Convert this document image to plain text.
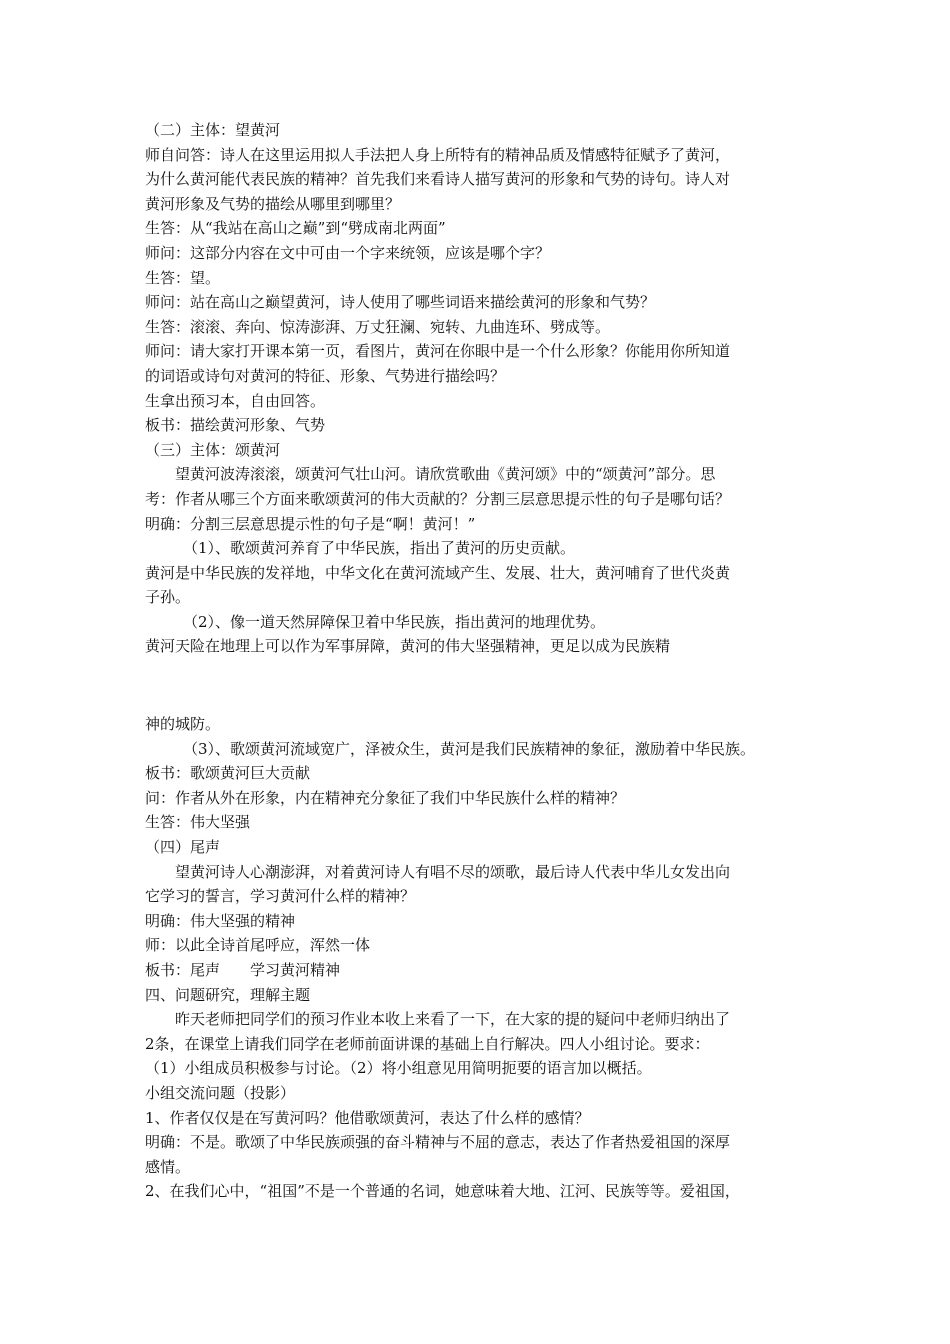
（二）主体：望黄河

师自问答：诗人在这里运用拟人手法把人身上所特有的精神品质及情感特征赋予了黄河，

为什么黄河能代表民族的精神？首先我们来看诗人描写黄河的形象和气势的诗句。诗人对

黄河形象及气势的描绘从哪里到哪里？

生答：从“我站在高山之巅”到“劈成南北两面”

师问：这部分内容在文中可由一个字来统领，应该是哪个字？

生答：望。

师问：站在高山之巅望黄河，诗人使用了哪些词语来描绘黄河的形象和气势？

生答：滚滚、奔向、惊涛澎湃、万丈狂澜、宛转、九曲连环、劈成等。

师问：请大家打开课本第一页，看图片，黄河在你眼中是一个什么形象？你能用你所知道

的词语或诗句对黄河的特征、形象、气势进行描绘吗？

生拿出预习本，自由回答。

板书：描绘黄河形象、气势

（三）主体：颂黄河

望黄河波涛滚滚，颂黄河气壮山河。请欣赏歌曲《黄河颂》中的“颂黄河”部分。思

考：作者从哪三个方面来歌颂黄河的伟大贡献的？分割三层意思提示性的句子是哪句话？

明确：分割三层意思提示性的句子是“啊！黄河！”

（1）、歌颂黄河养育了中华民族，指出了黄河的历史贡献。

黄河是中华民族的发祥地，中华文化在黄河流域产生、发展、壮大，黄河哺育了世代炎黄

子孙。

（2）、像一道天然屏障保卫着中华民族，指出黄河的地理优势。

黄河天险在地理上可以作为军事屏障，黄河的伟大坚强精神，更足以成为民族精

神的城防。

（3）、歌颂黄河流域宽广，泽被众生，黄河是我们民族精神的象征，激励着中华民族。

板书：歌颂黄河巨大贡献

问：作者从外在形象，内在精神充分象征了我们中华民族什么样的精神？

生答：伟大坚强

（四）尾声

望黄河诗人心潮澎湃，对着黄河诗人有唱不尽的颂歌，最后诗人代表中华儿女发出向

它学习的誓言，学习黄河什么样的精神？

明确：伟大坚强的精神

师：以此全诗首尾呼应，浑然一体

板书：尾声 学习黄河精神

四、问题研究，理解主题

昨天老师把同学们的预习作业本收上来看了一下，在大家的提的疑问中老师归纳出了

2条，在课堂上请我们同学在老师前面讲课的基础上自行解决。四人小组讨论。要求：

（1）小组成员积极参与讨论。（2）将小组意见用简明扼要的语言加以概括。

小组交流问题（投影）

1、作者仅仅是在写黄河吗？他借歌颂黄河，表达了什么样的感情？

明确：不是。歌颂了中华民族顽强的奋斗精神与不屈的意志，表达了作者热爱祖国的深厚

感情。

2、在我们心中，“祖国”不是一个普通的名词，她意味着大地、江河、民族等等。爱祖国，
